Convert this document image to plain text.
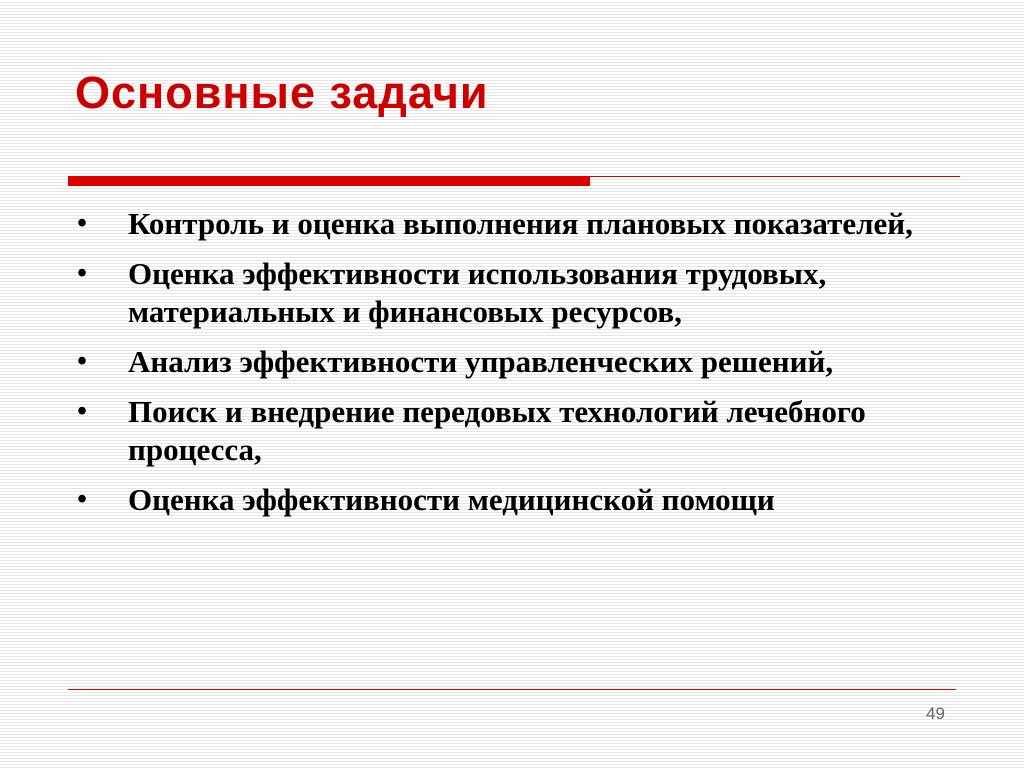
Основные задачи
• Контроль и оценка выполнения плановых показателей,
• Оценка эффективности использования трудовых, материальных и финансовых ресурсов,
• Анализ эффективности управленческих решений,
• Поиск и внедрение передовых технологий лечебного процесса,
• Оценка эффективности медицинской помощи
49
